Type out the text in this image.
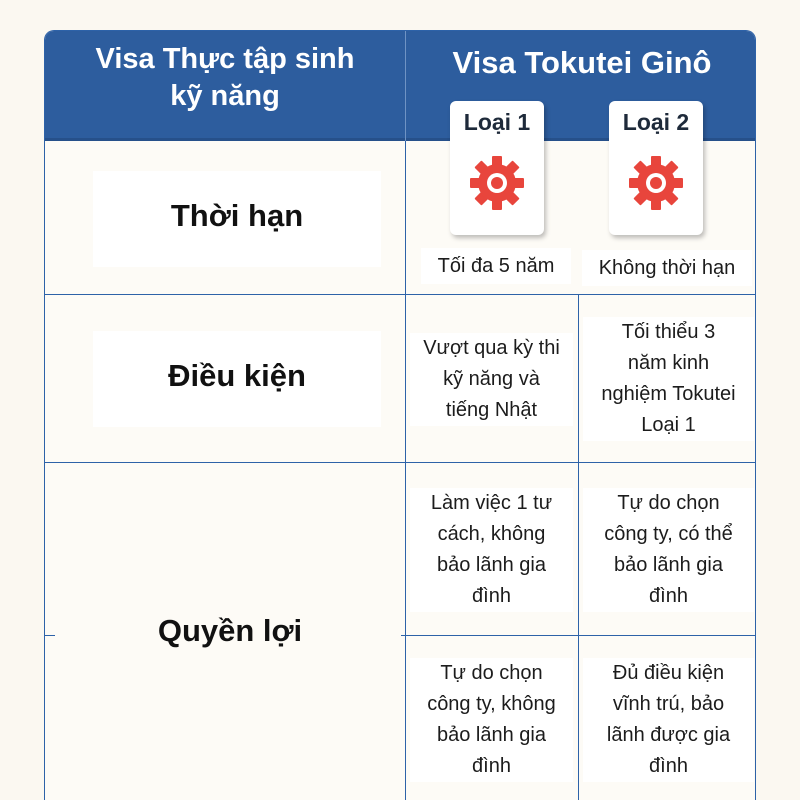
Visa Thực tập sinh
kỹ năng
Visa Tokutei Ginô
Loại 1	Loại 2
Thời hạn
Tối đa 5 năm	Không thời hạn
Điều kiện
Vượt qua kỳ thi
kỹ năng và
tiếng Nhật
Tối thiểu 3
năm kinh
nghiệm Tokutei
Loại 1
Quyền lợi
Làm việc 1 tư
cách, không
bảo lãnh gia
đình
Tự do chọn
công ty, có thể
bảo lãnh gia
đình
Tự do chọn
công ty, không
bảo lãnh gia
đình
Đủ điều kiện
vĩnh trú, bảo
lãnh được gia
đình
